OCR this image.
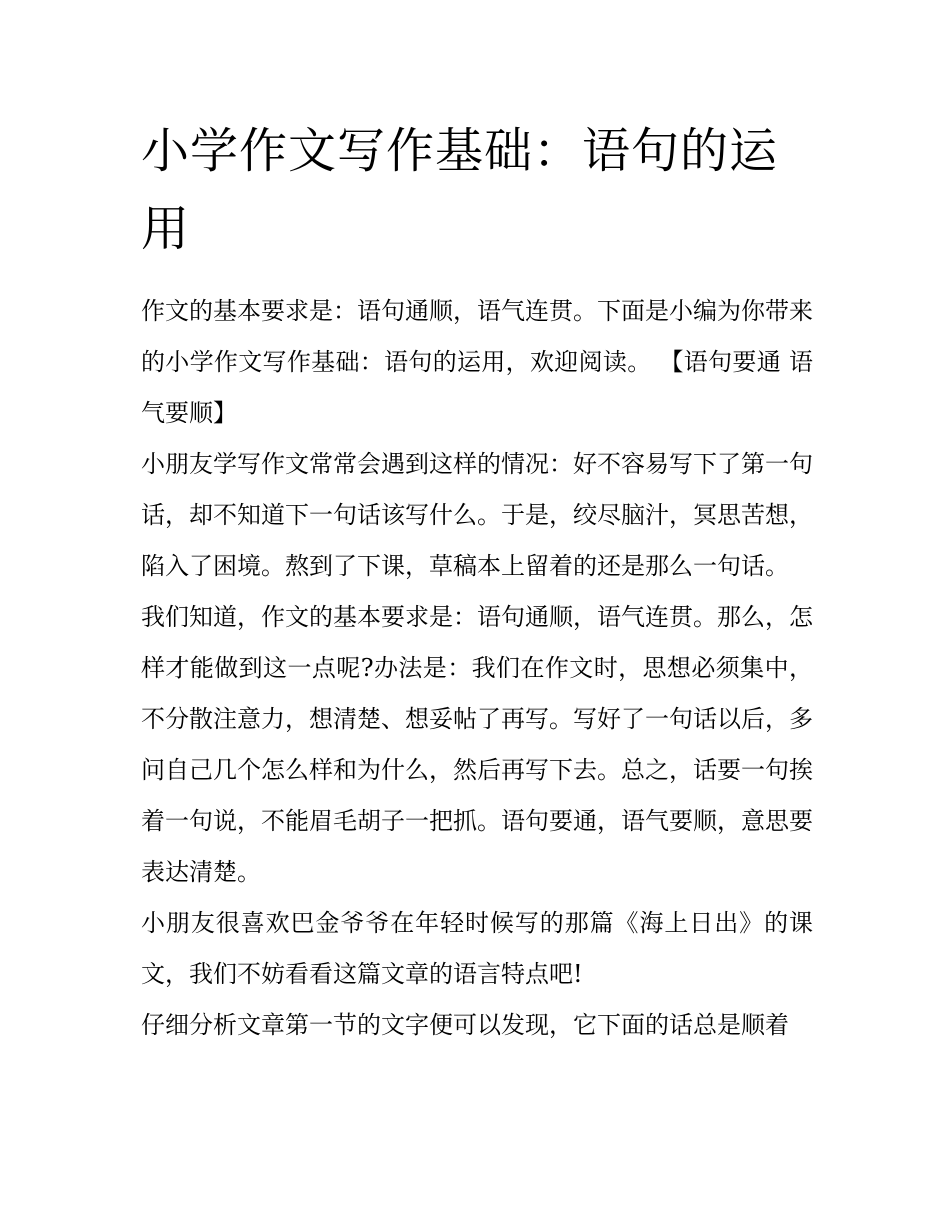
小学作文写作基础：语句的运用

作文的基本要求是：语句通顺，语气连贯。下面是小编为你带来的小学作文写作基础：语句的运用，欢迎阅读。 【语句要通 语气要顺】

小朋友学写作文常常会遇到这样的情况：好不容易写下了第一句话，却不知道下一句话该写什么。于是，绞尽脑汁，冥思苦想，陷入了困境。熬到了下课，草稿本上留着的还是那么一句话。

我们知道，作文的基本要求是：语句通顺，语气连贯。那么，怎样才能做到这一点呢?办法是：我们在作文时，思想必须集中，不分散注意力，想清楚、想妥帖了再写。写好了一句话以后，多问自己几个怎么样和为什么，然后再写下去。总之，话要一句挨着一句说，不能眉毛胡子一把抓。语句要通，语气要顺，意思要表达清楚。

小朋友很喜欢巴金爷爷在年轻时候写的那篇《海上日出》的课文，我们不妨看看这篇文章的语言特点吧!

仔细分析文章第一节的文字便可以发现，它下面的话总是顺着
